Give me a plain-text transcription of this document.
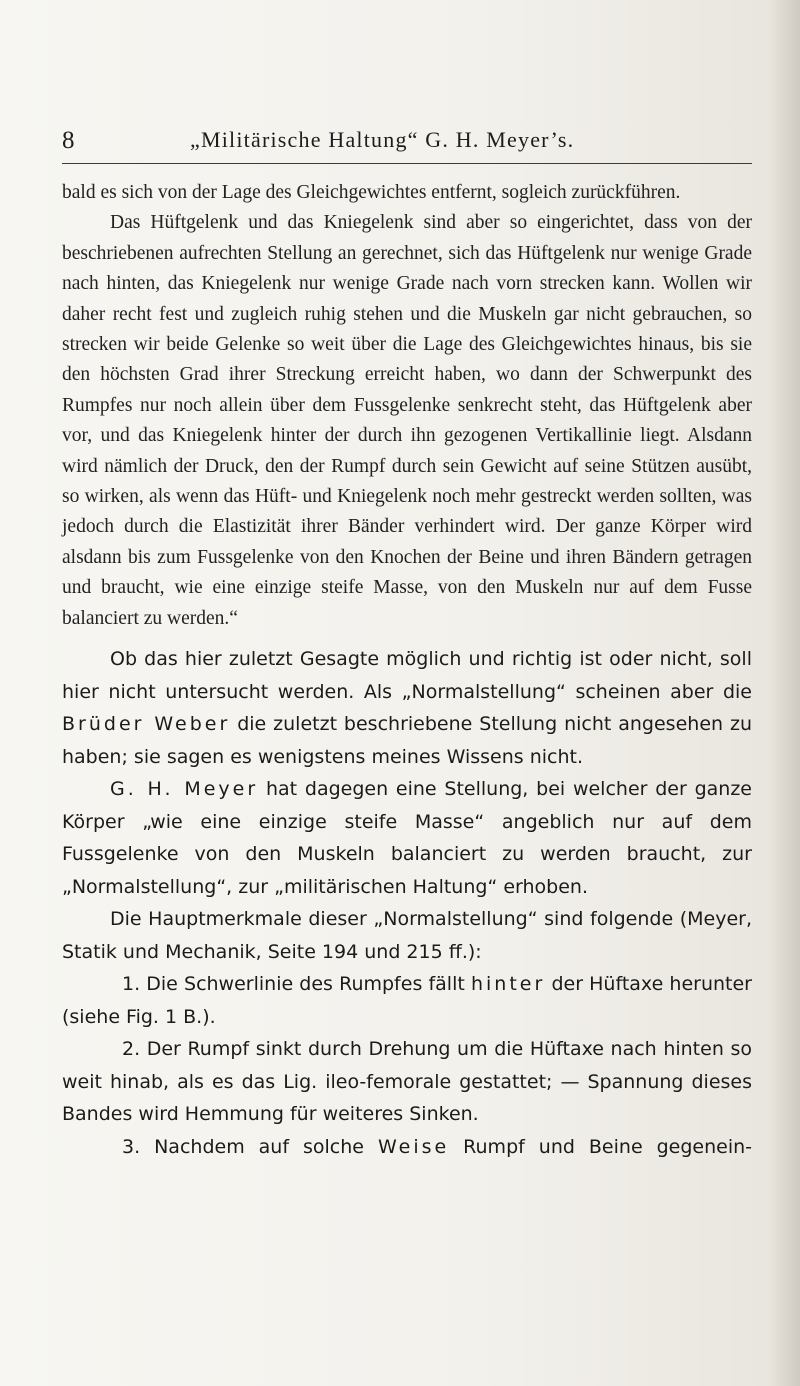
8	„Militärische Haltung“ G. H. Meyer’s.

bald es sich von der Lage des Gleichgewichtes entfernt, sogleich zurückführen.

Das Hüftgelenk und das Kniegelenk sind aber so eingerichtet, dass von der beschriebenen aufrechten Stellung an gerechnet, sich das Hüftgelenk nur wenige Grade nach hinten, das Kniegelenk nur wenige Grade nach vorn strecken kann. Wollen wir daher recht fest und zugleich ruhig stehen und die Muskeln gar nicht gebrauchen, so strecken wir beide Gelenke so weit über die Lage des Gleichgewichtes hinaus, bis sie den höchsten Grad ihrer Streckung erreicht haben, wo dann der Schwerpunkt des Rumpfes nur noch allein über dem Fussgelenke senkrecht steht, das Hüftgelenk aber vor, und das Kniegelenk hinter der durch ihn gezogenen Vertikallinie liegt. Alsdann wird nämlich der Druck, den der Rumpf durch sein Gewicht auf seine Stützen ausübt, so wirken, als wenn das Hüft- und Kniegelenk noch mehr gestreckt werden sollten, was jedoch durch die Elastizität ihrer Bänder verhindert wird. Der ganze Körper wird alsdann bis zum Fussgelenke von den Knochen der Beine und ihren Bändern getragen und braucht, wie eine einzige steife Masse, von den Muskeln nur auf dem Fusse balanciert zu werden.“

Ob das hier zuletzt Gesagte möglich und richtig ist oder nicht, soll hier nicht untersucht werden. Als „Normalstellung“ scheinen aber die Brüder Weber die zuletzt beschriebene Stellung nicht angesehen zu haben; sie sagen es wenigstens meines Wissens nicht.

G. H. Meyer hat dagegen eine Stellung, bei welcher der ganze Körper „wie eine einzige steife Masse“ angeblich nur auf dem Fussgelenke von den Muskeln balanciert zu werden braucht, zur „Normalstellung“, zur „militärischen Haltung“ erhoben.

Die Hauptmerkmale dieser „Normalstellung“ sind folgende (Meyer, Statik und Mechanik, Seite 194 und 215 ff.):

1. Die Schwerlinie des Rumpfes fällt hinter der Hüftaxe herunter (siehe Fig. 1 B.).

2. Der Rumpf sinkt durch Drehung um die Hüftaxe nach hinten so weit hinab, als es das Lig. ileo-femorale gestattet; — Spannung dieses Bandes wird Hemmung für weiteres Sinken.

3. Nachdem auf solche Weise Rumpf und Beine gegenein-
